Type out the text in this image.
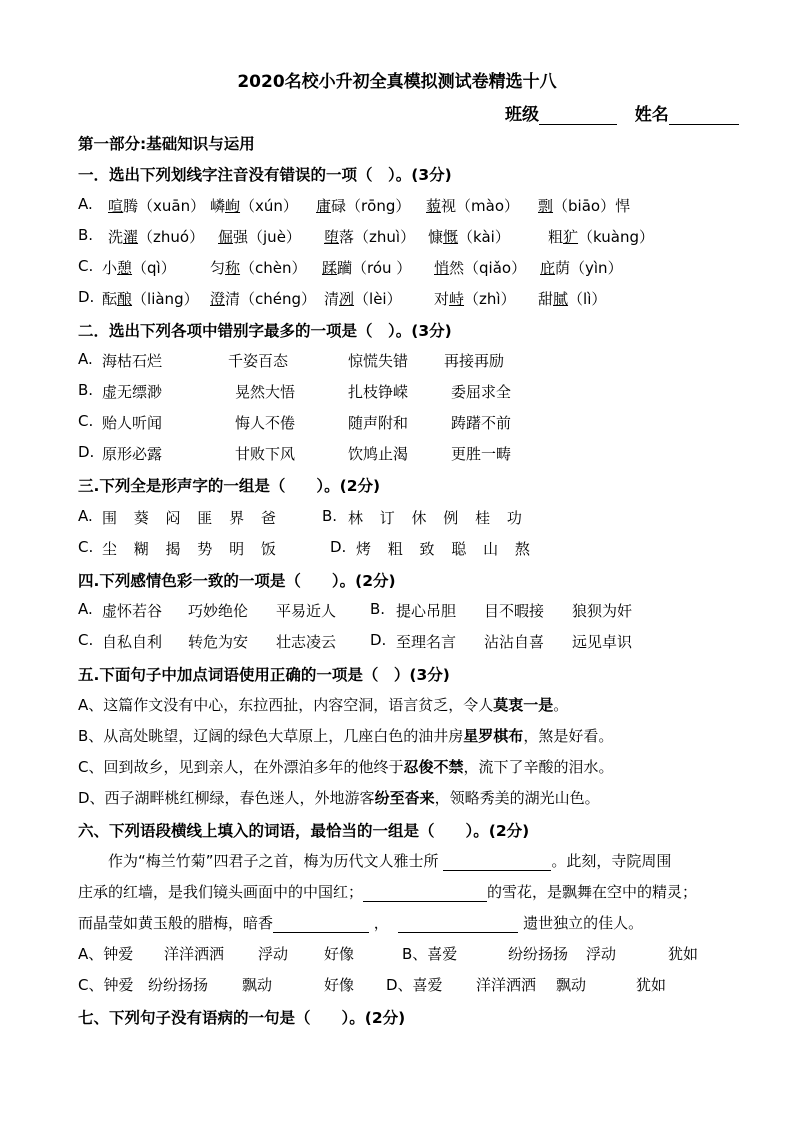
2020名校小升初全真模拟测试卷精选十八
班级	姓名
第一部分:基础知识与运用
一．选出下列划线字注音没有错误的一项（　）。(3分)
A. 喧腾（xuān） 嶙峋（xún） 庸碌（rōng） 藐视（mào） 剽（biāo）悍
B. 洗濯（zhuó） 倔强（juè） 堕落（zhuì） 慷慨（kài）	粗犷（kuàng）
C. 小憩（qì） 匀称（chèn） 蹂躏（róu ） 悄然（qiǎo） 庇荫（yìn）
D. 酝酿（liàng） 澄清（chéng） 清冽（lèi） 对峙（zhì） 甜腻（lì）
二．选出下列各项中错别字最多的一项是（　）。(3分)
A. 海枯石烂	千姿百态	惊慌失错 再接再励
B. 虚无缥渺	晃然大悟	扎枝铮嵘	委屈求全
C. 贻人听闻	悔人不倦	随声附和	踌躇不前
D. 原形必露	甘败下风	饮鸠止渴	更胜一畴
三.下列全是形声字的一组是（　　）。(2分)
A. 围 葵 闷 匪 界 爸	B. 林 订 休 例 桂 功
C. 尘 糊 揭 势 明 饭	D. 烤 粗 致 聪 山 熬
四.下列感情色彩一致的一项是（　　）。(2分)
A. 虚怀若谷 巧妙绝伦 平易近人 B. 提心吊胆 目不暇接 狼狈为奸
C. 自私自利 转危为安 壮志凌云 D. 至理名言 沾沾自喜 远见卓识
五.下面句子中加点词语使用正确的一项是（　）(3分)
A、这篇作文没有中心，东拉西扯，内容空洞，语言贫乏，令人莫衷一是。
B、从高处眺望，辽阔的绿色大草原上，几座白色的油井房星罗棋布，煞是好看。
C、回到故乡，见到亲人，在外漂泊多年的他终于忍俊不禁，流下了辛酸的泪水。
D、西子湖畔桃红柳绿，春色迷人，外地游客纷至沓来，领略秀美的湖光山色。
六、下列语段横线上填入的词语，最恰当的一组是（　　）。(2分)
作为“梅兰竹菊”四君子之首，梅为历代文人雅士所	。此刻，寺院周围
庄承的红墙，是我们镜头画面中的中国红；	的雪花，是飘舞在空中的精灵；
而晶莹如黄玉般的腊梅，暗香	，	遗世独立的佳人。
A、钟爱 洋洋洒洒 浮动 好像	B、喜爱	纷纷扬扬 浮动	犹如
C、钟爱 纷纷扬扬 飘动	好像 D、喜爱 洋洋洒洒 飘动	犹如
七、下列句子没有语病的一句是（　　）。(2分)
